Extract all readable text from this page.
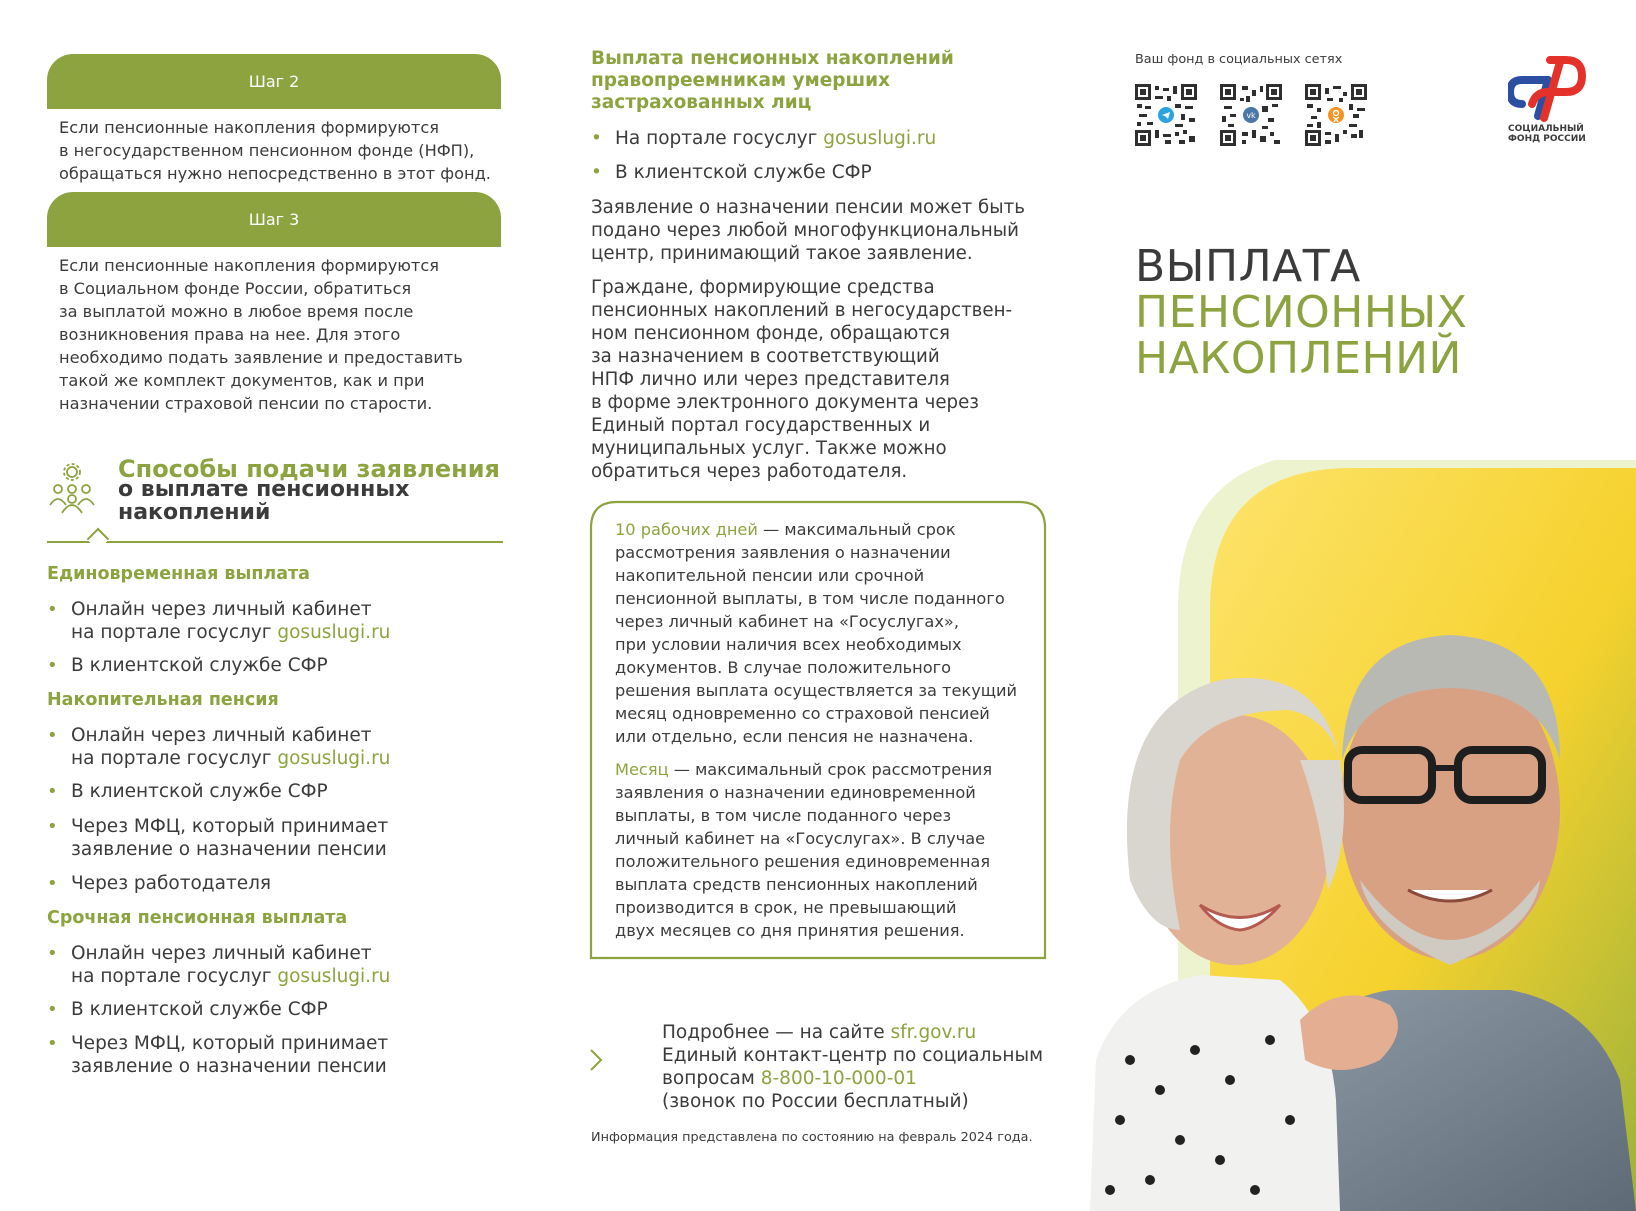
Шаг 2
Если пенсионные накопления формируются
в негосударственном пенсионном фонде (НФП),
обращаться нужно непосредственно в этот фонд.
Шаг 3
Если пенсионные накопления формируются
в Социальном фонде России, обратиться
за выплатой можно в любое время после
возникновения права на нее. Для этого
необходимо подать заявление и предоставить
такой же комплект документов, как и при
назначении страховой пенсии по старости.
Способы подачи заявления
о выплате пенсионных
накоплений
Единовременная выплата
• Онлайн через личный кабинет
на портале госуслуг gosuslugi.ru
• В клиентской службе СФР
Накопительная пенсия
• Онлайн через личный кабинет
на портале госуслуг gosuslugi.ru
• В клиентской службе СФР
• Через МФЦ, который принимает
заявление о назначении пенсии
• Через работодателя
Срочная пенсионная выплата
• Онлайн через личный кабинет
на портале госуслуг gosuslugi.ru
• В клиентской службе СФР
• Через МФЦ, который принимает
заявление о назначении пенсии
Выплата пенсионных накоплений
правопреемникам умерших
застрахованных лиц
• На портале госуслуг gosuslugi.ru
• В клиентской службе СФР
Заявление о назначении пенсии может быть
подано через любой многофункциональный
центр, принимающий такое заявление.
Граждане, формирующие средства
пенсионных накоплений в негосударствен-
ном пенсионном фонде, обращаются
за назначением в соответствующий
НПФ лично или через представителя
в форме электронного документа через
Единый портал государственных и
муниципальных услуг. Также можно
обратиться через работодателя.
10 рабочих дней — максимальный срок
рассмотрения заявления о назначении
накопительной пенсии или срочной
пенсионной выплаты, в том числе поданного
через личный кабинет на «Госуслугах»,
при условии наличия всех необходимых
документов. В случае положительного
решения выплата осуществляется за текущий
месяц одновременно со страховой пенсией
или отдельно, если пенсия не назначена.
Месяц — максимальный срок рассмотрения
заявления о назначении единовременной
выплаты, в том числе поданного через
личный кабинет на «Госуслугах». В случае
положительного решения единовременная
выплата средств пенсионных накоплений
производится в срок, не превышающий
двух месяцев со дня принятия решения.
Подробнее — на сайте sfr.gov.ru
Единый контакт-центр по социальным
вопросам 8-800-10-000-01
(звонок по России бесплатный)
Информация представлена по состоянию на февраль 2024 года.
Ваш фонд в социальных сетях
vk
СОЦИАЛЬНЫЙ
ФОНД РОССИИ
ВЫПЛАТА
ПЕНСИОННЫХ
НАКОПЛЕНИЙ
